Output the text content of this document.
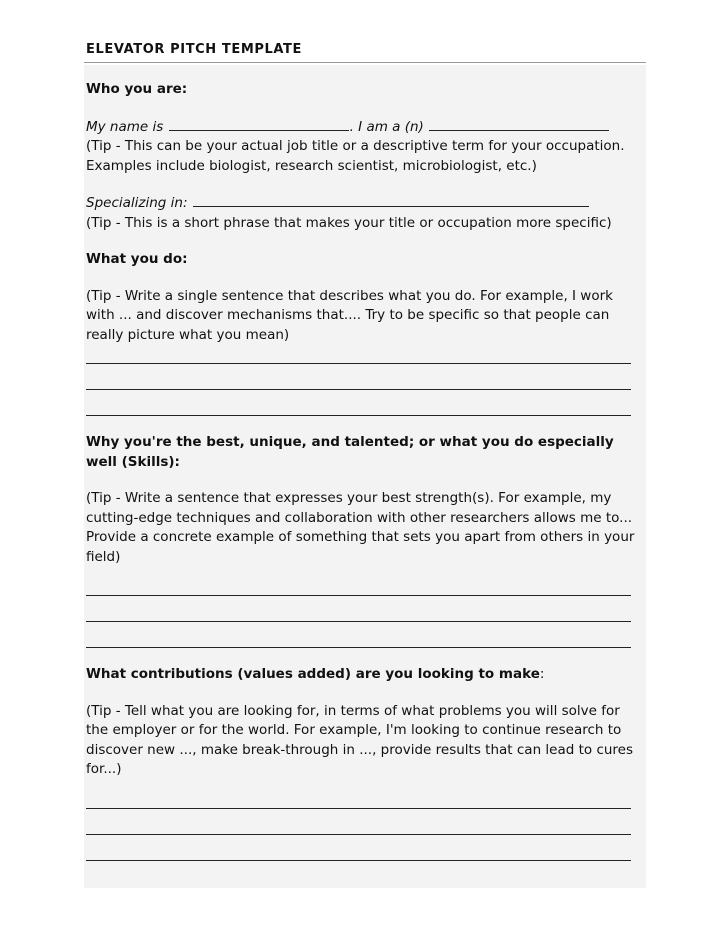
ELEVATOR PITCH TEMPLATE
Who you are:
My name is	. I am a (n)
(Tip - This can be your actual job title or a descriptive term for your occupation. Examples include biologist, research scientist, microbiologist, etc.)
Specializing in:
(Tip - This is a short phrase that makes your title or occupation more specific)
What you do:
(Tip - Write a single sentence that describes what you do. For example, I work with ... and discover mechanisms that.... Try to be specific so that people can really picture what you mean)
Why you're the best, unique, and talented; or what you do especially well (Skills):
(Tip - Write a sentence that expresses your best strength(s). For example, my cutting-edge techniques and collaboration with other researchers allows me to... Provide a concrete example of something that sets you apart from others in your field)
What contributions (values added) are you looking to make:
(Tip - Tell what you are looking for, in terms of what problems you will solve for the employer or for the world. For example, I'm looking to continue research to discover new ..., make break-through in ..., provide results that can lead to cures for...)
